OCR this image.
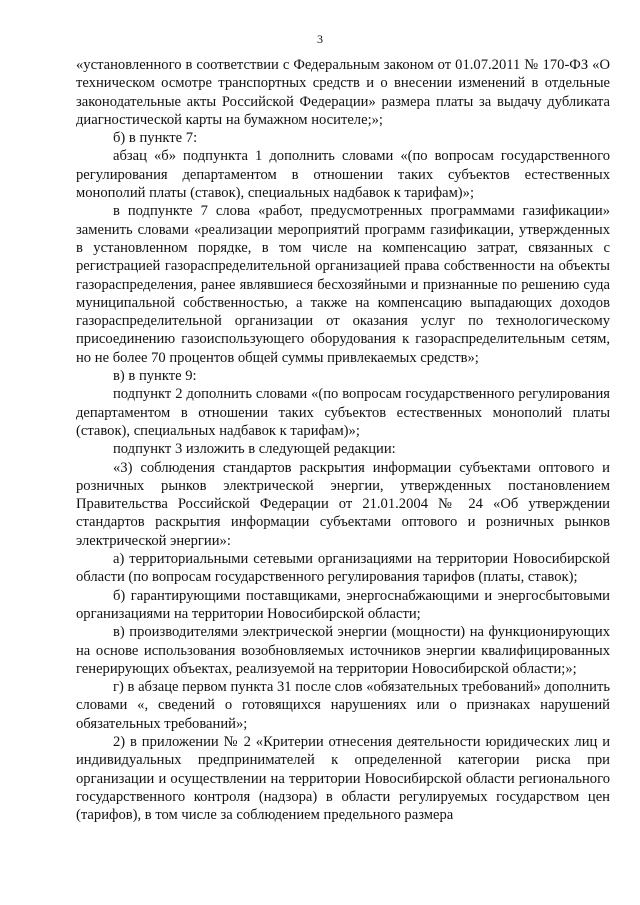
3

«установленного в соответствии с Федеральным законом от 01.07.2011 № 170-ФЗ «О техническом осмотре транспортных средств и о внесении изменений в отдельные законодательные акты Российской Федерации» размера платы за выдачу дубликата диагностической карты на бумажном носителе;»;

б) в пункте 7:

абзац «б» подпункта 1 дополнить словами «(по вопросам государственного регулирования департаментом в отношении таких субъектов естественных монополий платы (ставок), специальных надбавок к тарифам)»;

в подпункте 7 слова «работ, предусмотренных программами газификации» заменить словами «реализации мероприятий программ газификации, утвержденных в установленном порядке, в том числе на компенсацию затрат, связанных с регистрацией газораспределительной организацией права собственности на объекты газораспределения, ранее являвшиеся бесхозяйными и признанные по решению суда муниципальной собственностью, а также на компенсацию выпадающих доходов газораспределительной организации от оказания услуг по технологическому присоединению газоиспользующего оборудования к газораспределительным сетям, но не более 70 процентов общей суммы привлекаемых средств»;

в) в пункте 9:

подпункт 2 дополнить словами «(по вопросам государственного регулирования департаментом в отношении таких субъектов естественных монополий платы (ставок), специальных надбавок к тарифам)»;

подпункт 3 изложить в следующей редакции:

«3) соблюдения стандартов раскрытия информации субъектами оптового и розничных рынков электрической энергии, утвержденных постановлением Правительства Российской Федерации от 21.01.2004 № 24 «Об утверждении стандартов раскрытия информации субъектами оптового и розничных рынков электрической энергии»:

а) территориальными сетевыми организациями на территории Новосибирской области (по вопросам государственного регулирования тарифов (платы, ставок);

б) гарантирующими поставщиками, энергоснабжающими и энергосбытовыми организациями на территории Новосибирской области;

в) производителями электрической энергии (мощности) на функционирующих на основе использования возобновляемых источников энергии квалифицированных генерирующих объектах, реализуемой на территории Новосибирской области;»;

г) в абзаце первом пункта 31 после слов «обязательных требований» дополнить словами «, сведений о готовящихся нарушениях или о признаках нарушений обязательных требований»;

2) в приложении № 2 «Критерии отнесения деятельности юридических лиц и индивидуальных предпринимателей к определенной категории риска при организации и осуществлении на территории Новосибирской области регионального государственного контроля (надзора) в области регулируемых государством цен (тарифов), в том числе за соблюдением предельного размера
